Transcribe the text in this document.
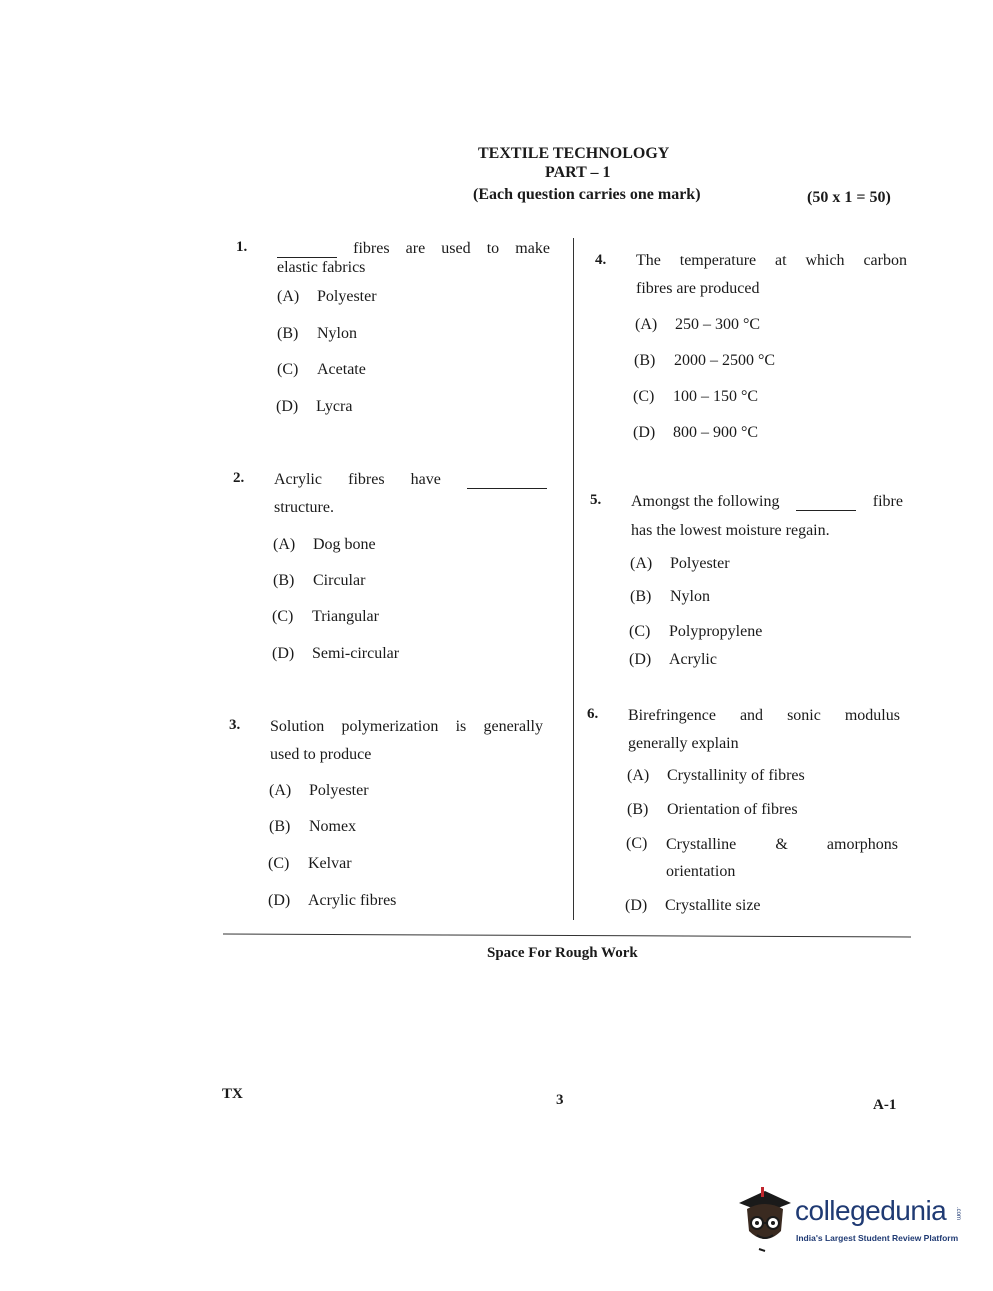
TEXTILE TECHNOLOGY
PART – 1
(Each question carries one mark)	(50 x 1 = 50)
1.	fibres are used to make
elastic fabrics
(A) Polyester
(B) Nylon
(C) Acetate
(D) Lycra
2. Acrylic fibres have
structure.
(A) Dog bone
(B) Circular
(C) Triangular
(D) Semi-circular
3. Solution polymerization is generally
used to produce
(A) Polyester
(B) Nomex
(C) Kelvar
(D) Acrylic fibres
4. The temperature at which carbon
fibres are produced
(A) 250 – 300 °C
(B) 2000 – 2500 °C
(C) 100 – 150 °C
(D) 800 – 900 °C
5. Amongst the following	fibre
has the lowest moisture regain.
(A) Polyester
(B) Nylon
(C) Polypropylene
(D) Acrylic
6. Birefringence and sonic modulus
generally explain
(A) Crystallinity of fibres
(B) Orientation of fibres
(C)	Crystalline & amorphons
orientation
(D) Crystallite size
Space For Rough Work
TX	3	A-1
collegedunia .com
India's Largest Student Review Platform
